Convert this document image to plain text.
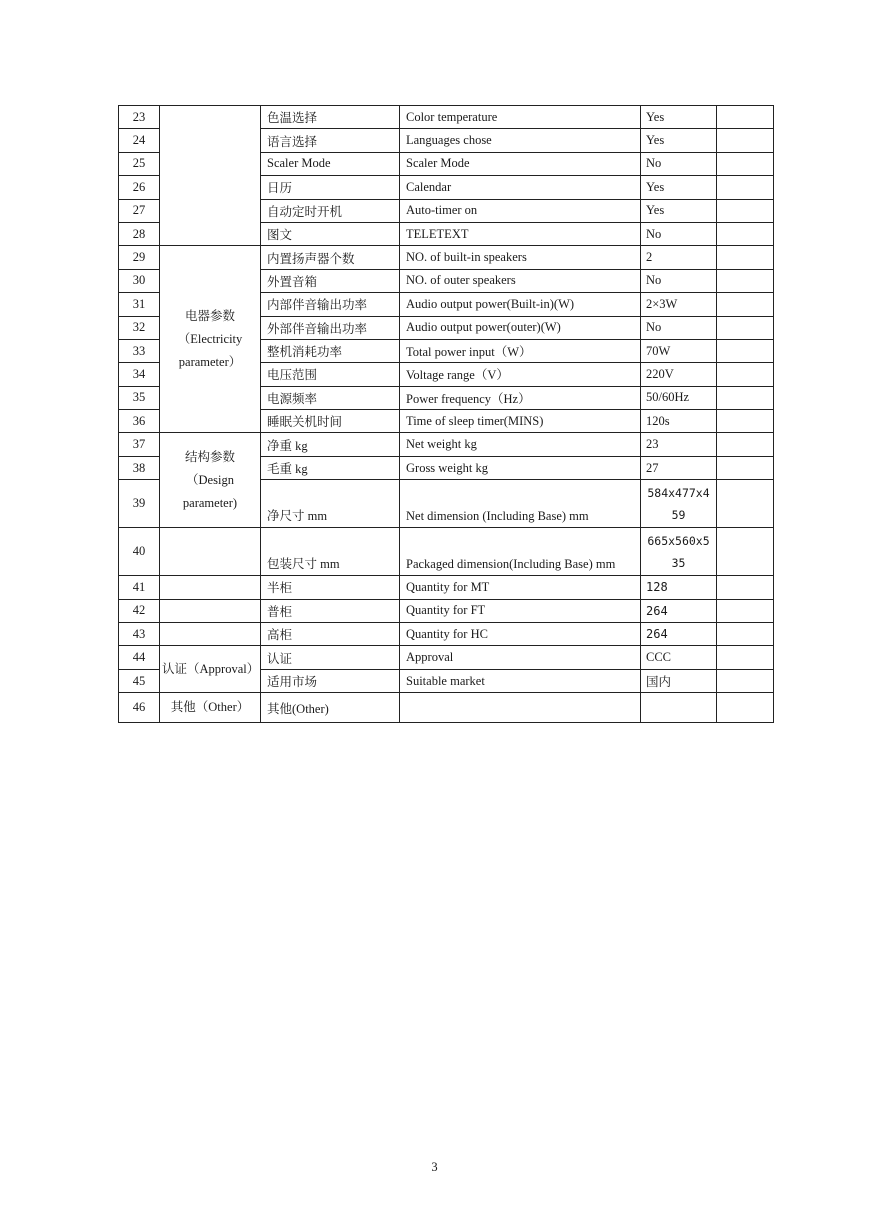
23		色温选择	Color temperature	Yes	
24		语言选择	Languages chose	Yes	
25		Scaler Mode	Scaler Mode	No	
26		日历	Calendar	Yes	
27		自动定时开机	Auto-timer on	Yes	
28		图文	TELETEXT	No	
29	电器参数（Electricity parameter）	内置扬声器个数	NO. of built-in speakers	2	
30		外置音箱	NO. of outer speakers	No	
31		内部伴音输出功率	Audio output power(Built-in)(W)	2×3W	
32		外部伴音输出功率	Audio output power(outer)(W)	No	
33		整机消耗功率	Total power input（W）	70W	
34		电压范围	Voltage range（V）	220V	
35		电源频率	Power frequency（Hz）	50/60Hz	
36		睡眠关机时间	Time of sleep timer(MINS)	120s	
37	结构参数（Design parameter)	净重 kg	Net weight kg	23	
38		毛重 kg	Gross weight kg	27	
39		净尺寸 mm	Net dimension (Including Base) mm	584x477x4 59	
40		包装尺寸 mm	Packaged dimension(Including Base) mm	665x560x5 35	
41		半柜	Quantity for MT	128	
42		普柜	Quantity for FT	264	
43		高柜	Quantity for HC	264	
44	认证（Approval）	认证	Approval	CCC	
45		适用市场	Suitable market	国内	
46	其他（Other）	其他(Other)			
3
